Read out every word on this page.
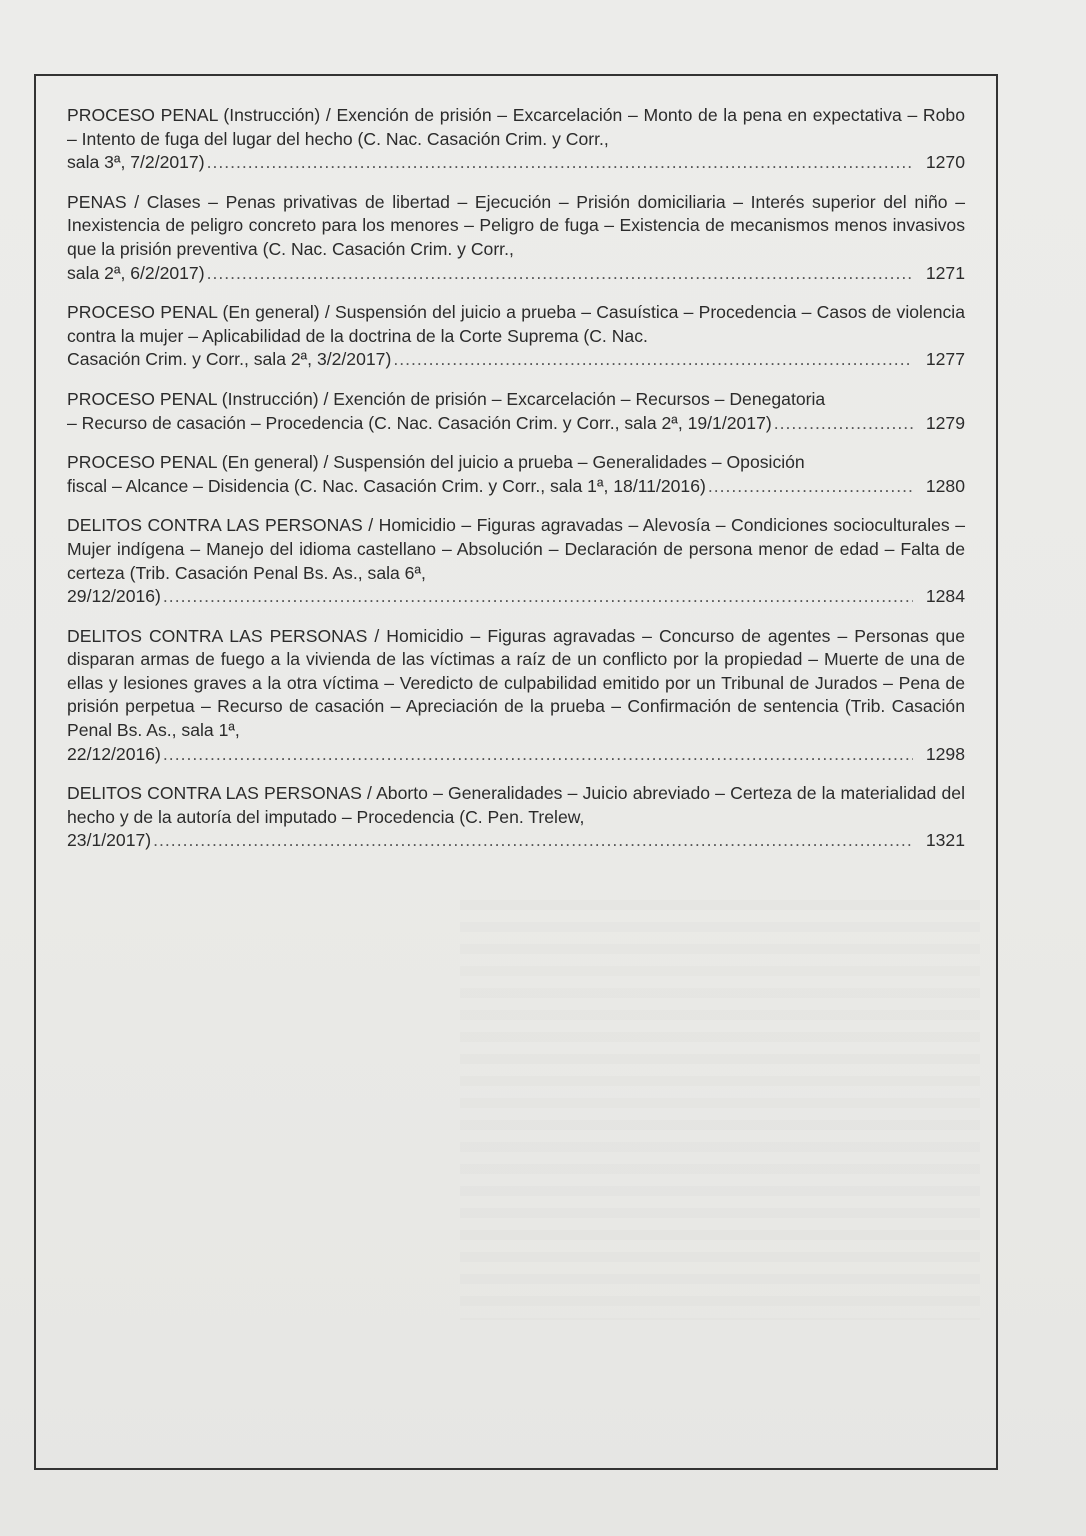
PROCESO PENAL (Instrucción) / Exención de prisión – Excarcelación – Monto de la pena en expectativa – Robo – Intento de fuga del lugar del hecho (C. Nac. Casación Crim. y Corr.,
sala 3ª, 7/2/2017) .....	1270
PENAS / Clases – Penas privativas de libertad – Ejecución – Prisión domiciliaria – Interés superior del niño – Inexistencia de peligro concreto para los menores – Peligro de fuga – Existencia de mecanismos menos invasivos que la prisión preventiva (C. Nac. Casación Crim. y Corr.,
sala 2ª, 6/2/2017) .....	1271
PROCESO PENAL (En general) / Suspensión del juicio a prueba – Casuística – Procedencia – Casos de violencia contra la mujer – Aplicabilidad de la doctrina de la Corte Suprema (C. Nac.
Casación Crim. y Corr., sala 2ª, 3/2/2017) .....	1277
PROCESO PENAL (Instrucción) / Exención de prisión – Excarcelación – Recursos – Denegatoria
– Recurso de casación – Procedencia (C. Nac. Casación Crim. y Corr., sala 2ª, 19/1/2017) .....	1279
PROCESO PENAL (En general) / Suspensión del juicio a prueba – Generalidades – Oposición
fiscal – Alcance – Disidencia (C. Nac. Casación Crim. y Corr., sala 1ª, 18/11/2016) .....	1280
DELITOS CONTRA LAS PERSONAS / Homicidio – Figuras agravadas – Alevosía – Condiciones socioculturales – Mujer indígena – Manejo del idioma castellano – Absolución – Declaración de persona menor de edad – Falta de certeza (Trib. Casación Penal Bs. As., sala 6ª,
29/12/2016) .....	1284
DELITOS CONTRA LAS PERSONAS / Homicidio – Figuras agravadas – Concurso de agentes – Personas que disparan armas de fuego a la vivienda de las víctimas a raíz de un conflicto por la propiedad – Muerte de una de ellas y lesiones graves a la otra víctima – Veredicto de culpabilidad emitido por un Tribunal de Jurados – Pena de prisión perpetua – Recurso de casación – Apreciación de la prueba – Confirmación de sentencia (Trib. Casación Penal Bs. As., sala 1ª,
22/12/2016) .....	1298
DELITOS CONTRA LAS PERSONAS / Aborto – Generalidades – Juicio abreviado – Certeza de la materialidad del hecho y de la autoría del imputado – Procedencia (C. Pen. Trelew,
23/1/2017) .....	1321
